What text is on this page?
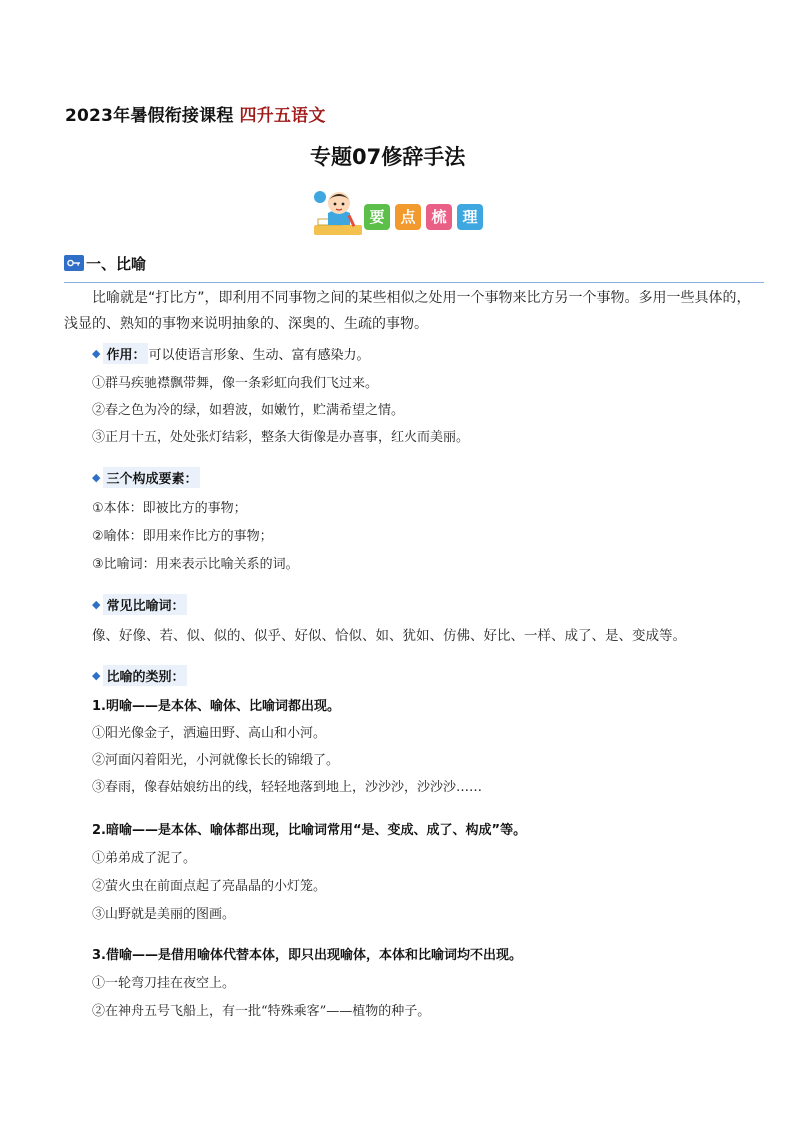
2023年暑假衔接课程 四升五语文
专题07修辞手法
要	点	梳	理
一、比喻
比喻就是“打比方”，即利用不同事物之间的某些相似之处用一个事物来比方另一个事物。多用一些具体的，浅显的、熟知的事物来说明抽象的、深奥的、生疏的事物。
◆ 作用： 可以使语言形象、生动、富有感染力。
①群马疾驰襟飘带舞，像一条彩虹向我们飞过来。
②春之色为冷的绿，如碧波，如嫩竹，贮满希望之情。
③正月十五，处处张灯结彩，整条大街像是办喜事，红火而美丽。
◆ 三个构成要素：
①本体：即被比方的事物；
②喻体：即用来作比方的事物；
③比喻词：用来表示比喻关系的词。
◆ 常见比喻词：
像、好像、若、似、似的、似乎、好似、恰似、如、犹如、仿佛、好比、一样、成了、是、变成等。
◆ 比喻的类别：
1.明喻——是本体、喻体、比喻词都出现。
①阳光像金子，洒遍田野、高山和小河。
②河面闪着阳光，小河就像长长的锦缎了。
③春雨，像春姑娘纺出的线，轻轻地落到地上，沙沙沙，沙沙沙……
2.暗喻——是本体、喻体都出现，比喻词常用“是、变成、成了、构成”等。
①弟弟成了泥了。
②萤火虫在前面点起了亮晶晶的小灯笼。
③山野就是美丽的图画。
3.借喻——是借用喻体代替本体，即只出现喻体，本体和比喻词均不出现。
①一轮弯刀挂在夜空上。
②在神舟五号飞船上，有一批“特殊乘客”——植物的种子。
